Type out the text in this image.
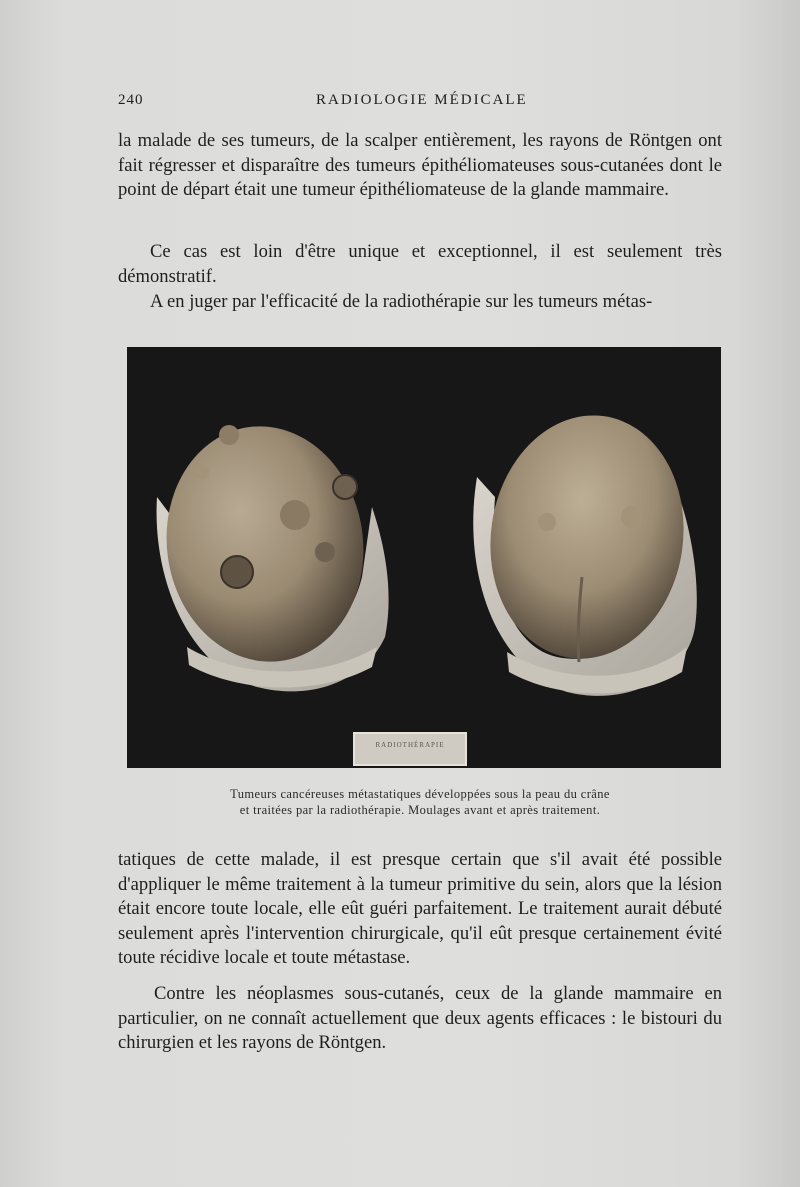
240	RADIOLOGIE MÉDICALE

la malade de ses tumeurs, de la scalper entièrement, les rayons de Röntgen ont fait régresser et disparaître des tumeurs épithéliomateuses sous-cutanées dont le point de départ était une tumeur épithéliomateuse de la glande mammaire.

Ce cas est loin d'être unique et exceptionnel, il est seulement très démonstratif.

A en juger par l'efficacité de la radiothérapie sur les tumeurs métas-

RADIOTHÉRAPIE
Tumeurs cancéreuses métastatiques développées sous la peau du crâne
et traitées par la radiothérapie. Moulages avant et après traitement.

tatiques de cette malade, il est presque certain que s'il avait été possible d'appliquer le même traitement à la tumeur primitive du sein, alors que la lésion était encore toute locale, elle eût guéri parfaitement. Le traitement aurait débuté seulement après l'intervention chirurgicale, qu'il eût presque certainement évité toute récidive locale et toute métastase.

Contre les néoplasmes sous-cutanés, ceux de la glande mammaire en particulier, on ne connaît actuellement que deux agents efficaces : le bistouri du chirurgien et les rayons de Röntgen.
